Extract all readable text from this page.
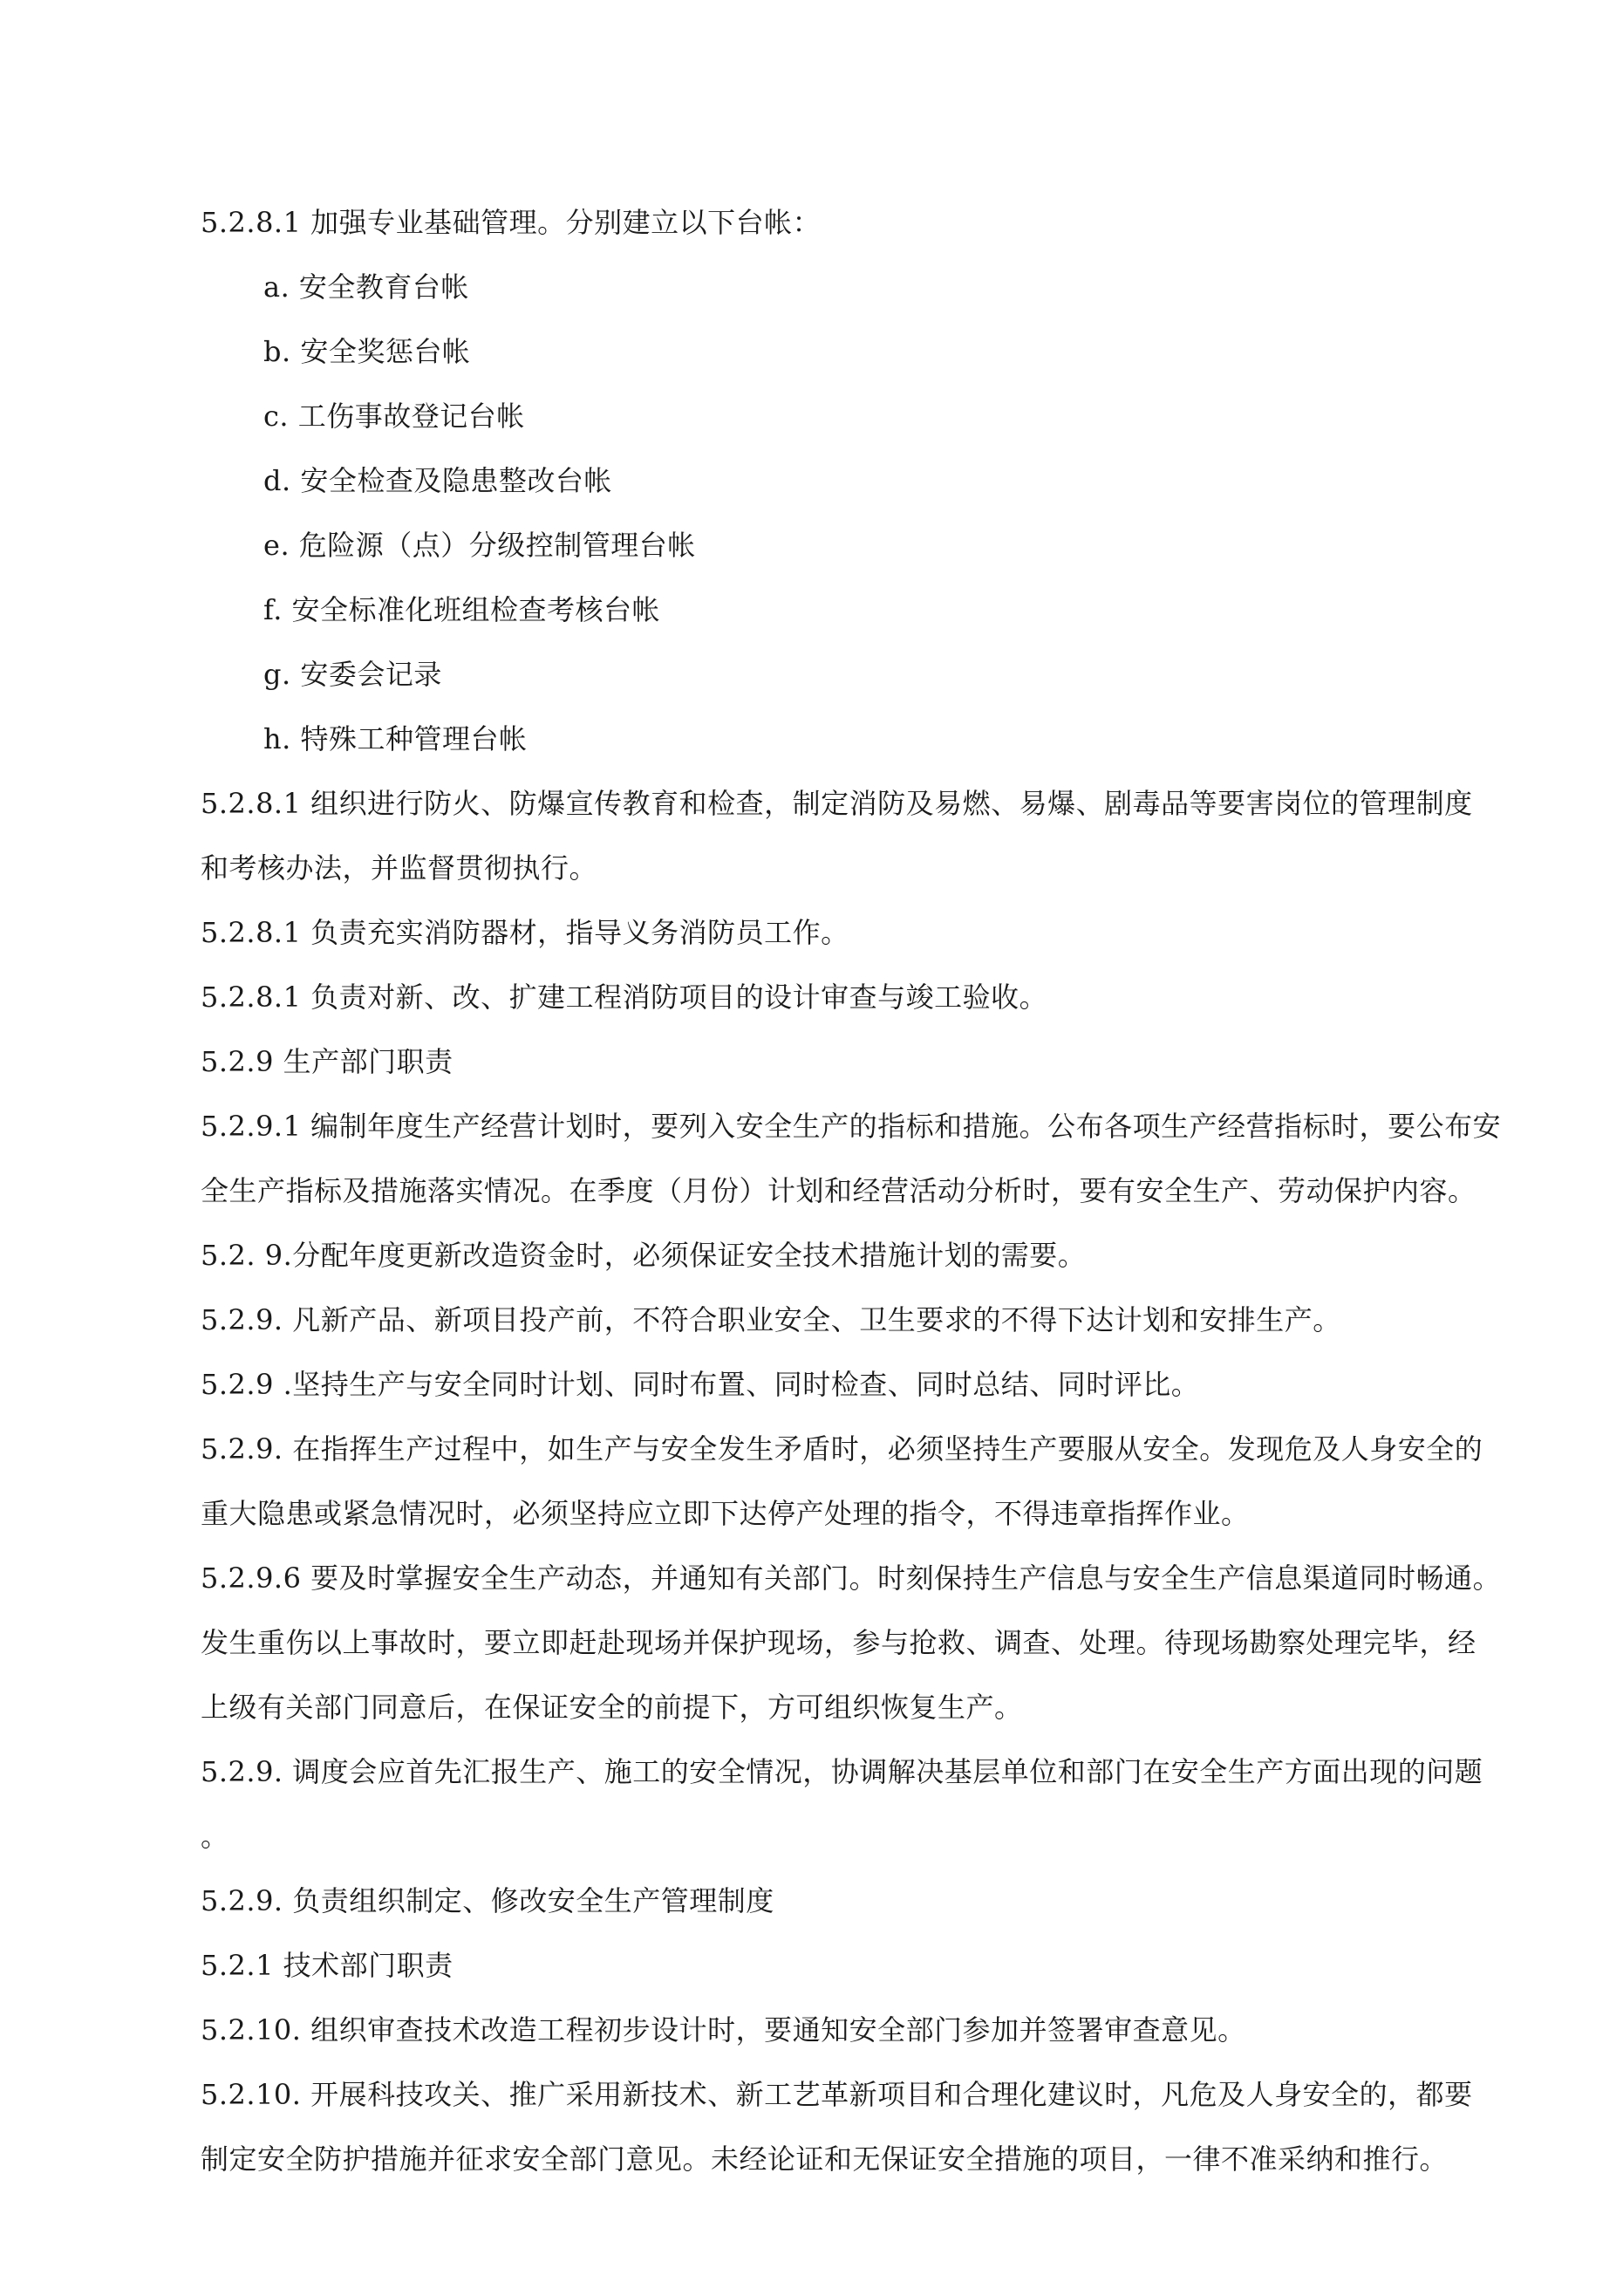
5.2.8.1 加强专业基础管理。分别建立以下台帐：
a. 安全教育台帐
b. 安全奖惩台帐
c. 工伤事故登记台帐
d. 安全检查及隐患整改台帐
e. 危险源（点）分级控制管理台帐
f. 安全标准化班组检查考核台帐
g. 安委会记录
h. 特殊工种管理台帐
5.2.8.1 组织进行防火、防爆宣传教育和检查，制定消防及易燃、易爆、剧毒品等要害岗位的管理制度
和考核办法，并监督贯彻执行。
5.2.8.1 负责充实消防器材，指导义务消防员工作。
5.2.8.1 负责对新、改、扩建工程消防项目的设计审查与竣工验收。
5.2.9 生产部门职责
5.2.9.1 编制年度生产经营计划时，要列入安全生产的指标和措施。公布各项生产经营指标时，要公布安
全生产指标及措施落实情况。在季度（月份）计划和经营活动分析时，要有安全生产、劳动保护内容。
5.2. 9.分配年度更新改造资金时，必须保证安全技术措施计划的需要。
5.2.9. 凡新产品、新项目投产前，不符合职业安全、卫生要求的不得下达计划和安排生产。
5.2.9 .坚持生产与安全同时计划、同时布置、同时检查、同时总结、同时评比。
5.2.9. 在指挥生产过程中，如生产与安全发生矛盾时，必须坚持生产要服从安全。发现危及人身安全的
重大隐患或紧急情况时，必须坚持应立即下达停产处理的指令，不得违章指挥作业。
5.2.9.6 要及时掌握安全生产动态，并通知有关部门。时刻保持生产信息与安全生产信息渠道同时畅通。
发生重伤以上事故时，要立即赶赴现场并保护现场，参与抢救、调查、处理。待现场勘察处理完毕，经
上级有关部门同意后，在保证安全的前提下，方可组织恢复生产。
5.2.9. 调度会应首先汇报生产、施工的安全情况，协调解决基层单位和部门在安全生产方面出现的问题
。
5.2.9. 负责组织制定、修改安全生产管理制度
5.2.1 技术部门职责
5.2.10. 组织审查技术改造工程初步设计时，要通知安全部门参加并签署审查意见。
5.2.10. 开展科技攻关、推广采用新技术、新工艺革新项目和合理化建议时，凡危及人身安全的，都要
制定安全防护措施并征求安全部门意见。未经论证和无保证安全措施的项目，一律不准采纳和推行。
